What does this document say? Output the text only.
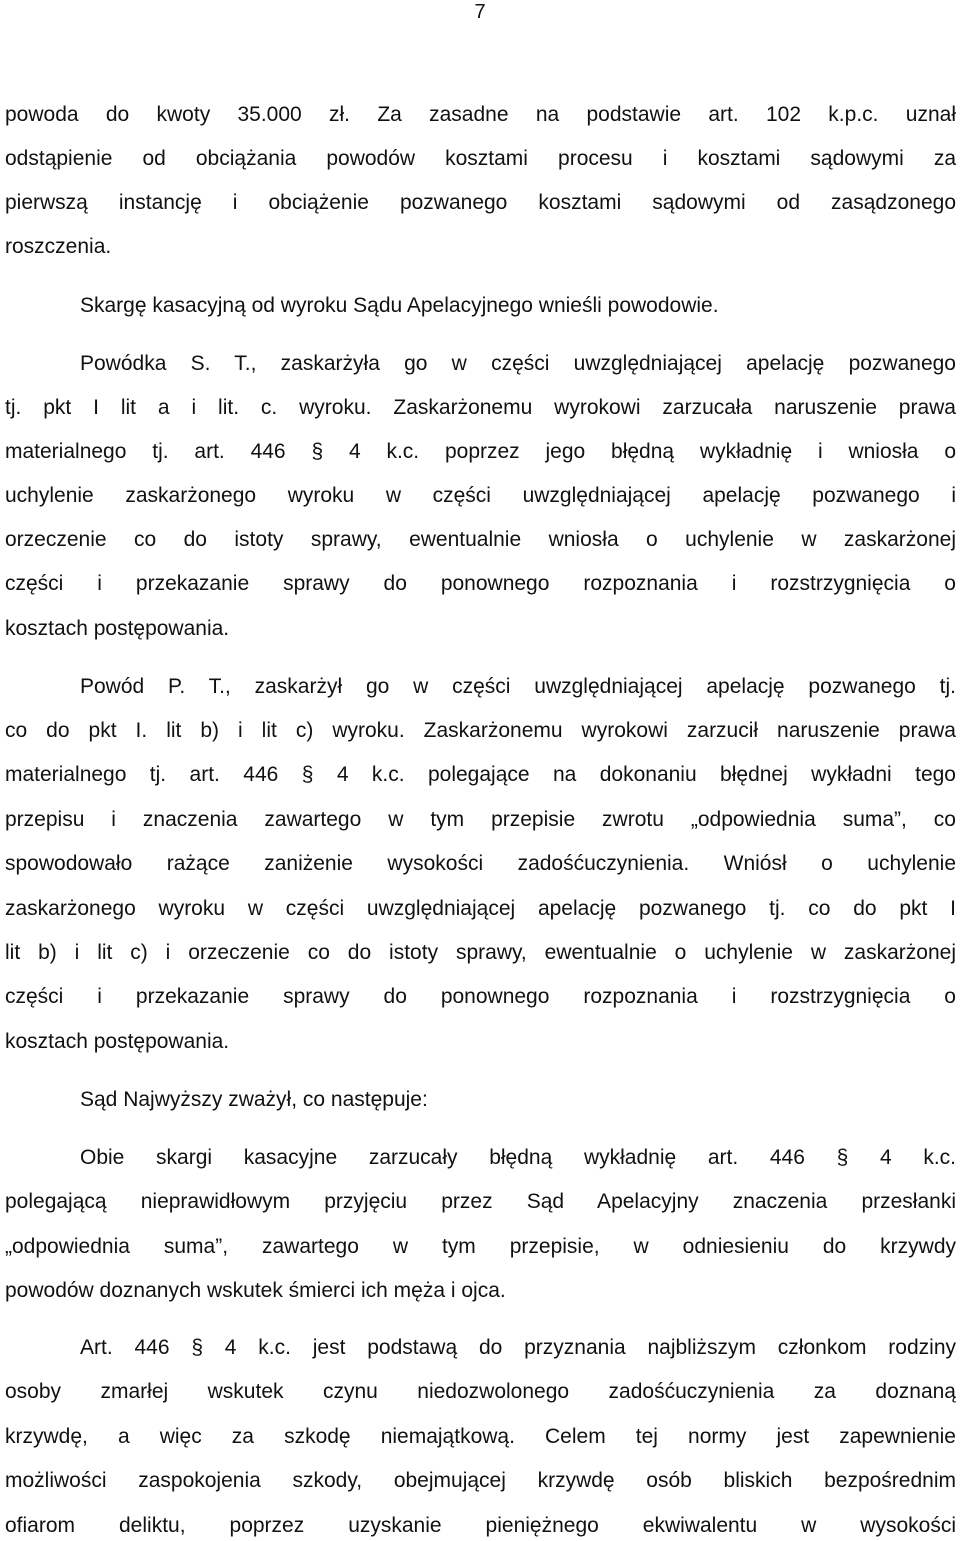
7
powoda do kwoty 35.000 zł. Za zasadne na podstawie art. 102 k.p.c. uznał
odstąpienie od obciążania powodów kosztami procesu i kosztami sądowymi za
pierwszą instancję i obciążenie pozwanego kosztami sądowymi od zasądzonego
roszczenia.
Skargę kasacyjną od wyroku Sądu Apelacyjnego wnieśli powodowie.
Powódka S. T., zaskarżyła go w części uwzględniającej apelację pozwanego
tj. pkt I lit a i lit. c. wyroku. Zaskarżonemu wyrokowi zarzucała naruszenie prawa
materialnego tj. art. 446 § 4 k.c. poprzez jego błędną wykładnię i wniosła o
uchylenie zaskarżonego wyroku w części uwzględniającej apelację pozwanego i
orzeczenie co do istoty sprawy, ewentualnie wniosła o uchylenie w zaskarżonej
części i przekazanie sprawy do ponownego rozpoznania i rozstrzygnięcia o
kosztach postępowania.
Powód P. T., zaskarżył go w części uwzględniającej apelację pozwanego tj.
co do pkt I. lit b) i lit c) wyroku. Zaskarżonemu wyrokowi zarzucił naruszenie prawa
materialnego tj. art. 446 § 4 k.c. polegające na dokonaniu błędnej wykładni tego
przepisu i znaczenia zawartego w tym przepisie zwrotu „odpowiednia suma”, co
spowodowało rażące zaniżenie wysokości zadośćuczynienia. Wniósł o uchylenie
zaskarżonego wyroku w części uwzględniającej apelację pozwanego tj. co do pkt I
lit b) i lit c) i orzeczenie co do istoty sprawy, ewentualnie o uchylenie w zaskarżonej
części i przekazanie sprawy do ponownego rozpoznania i rozstrzygnięcia o
kosztach postępowania.
Sąd Najwyższy zważył, co następuje:
Obie skargi kasacyjne zarzucały błędną wykładnię art. 446 § 4 k.c.
polegającą nieprawidłowym przyjęciu przez Sąd Apelacyjny znaczenia przesłanki
„odpowiednia suma”, zawartego w tym przepisie, w odniesieniu do krzywdy
powodów doznanych wskutek śmierci ich męża i ojca.
Art. 446 § 4 k.c. jest podstawą do przyznania najbliższym członkom rodziny
osoby zmarłej wskutek czynu niedozwolonego zadośćuczynienia za doznaną
krzywdę, a więc za szkodę niemajątkową. Celem tej normy jest zapewnienie
możliwości zaspokojenia szkody, obejmującej krzywdę osób bliskich bezpośrednim
ofiarom deliktu, poprzez uzyskanie pieniężnego ekwiwalentu w wysokości
